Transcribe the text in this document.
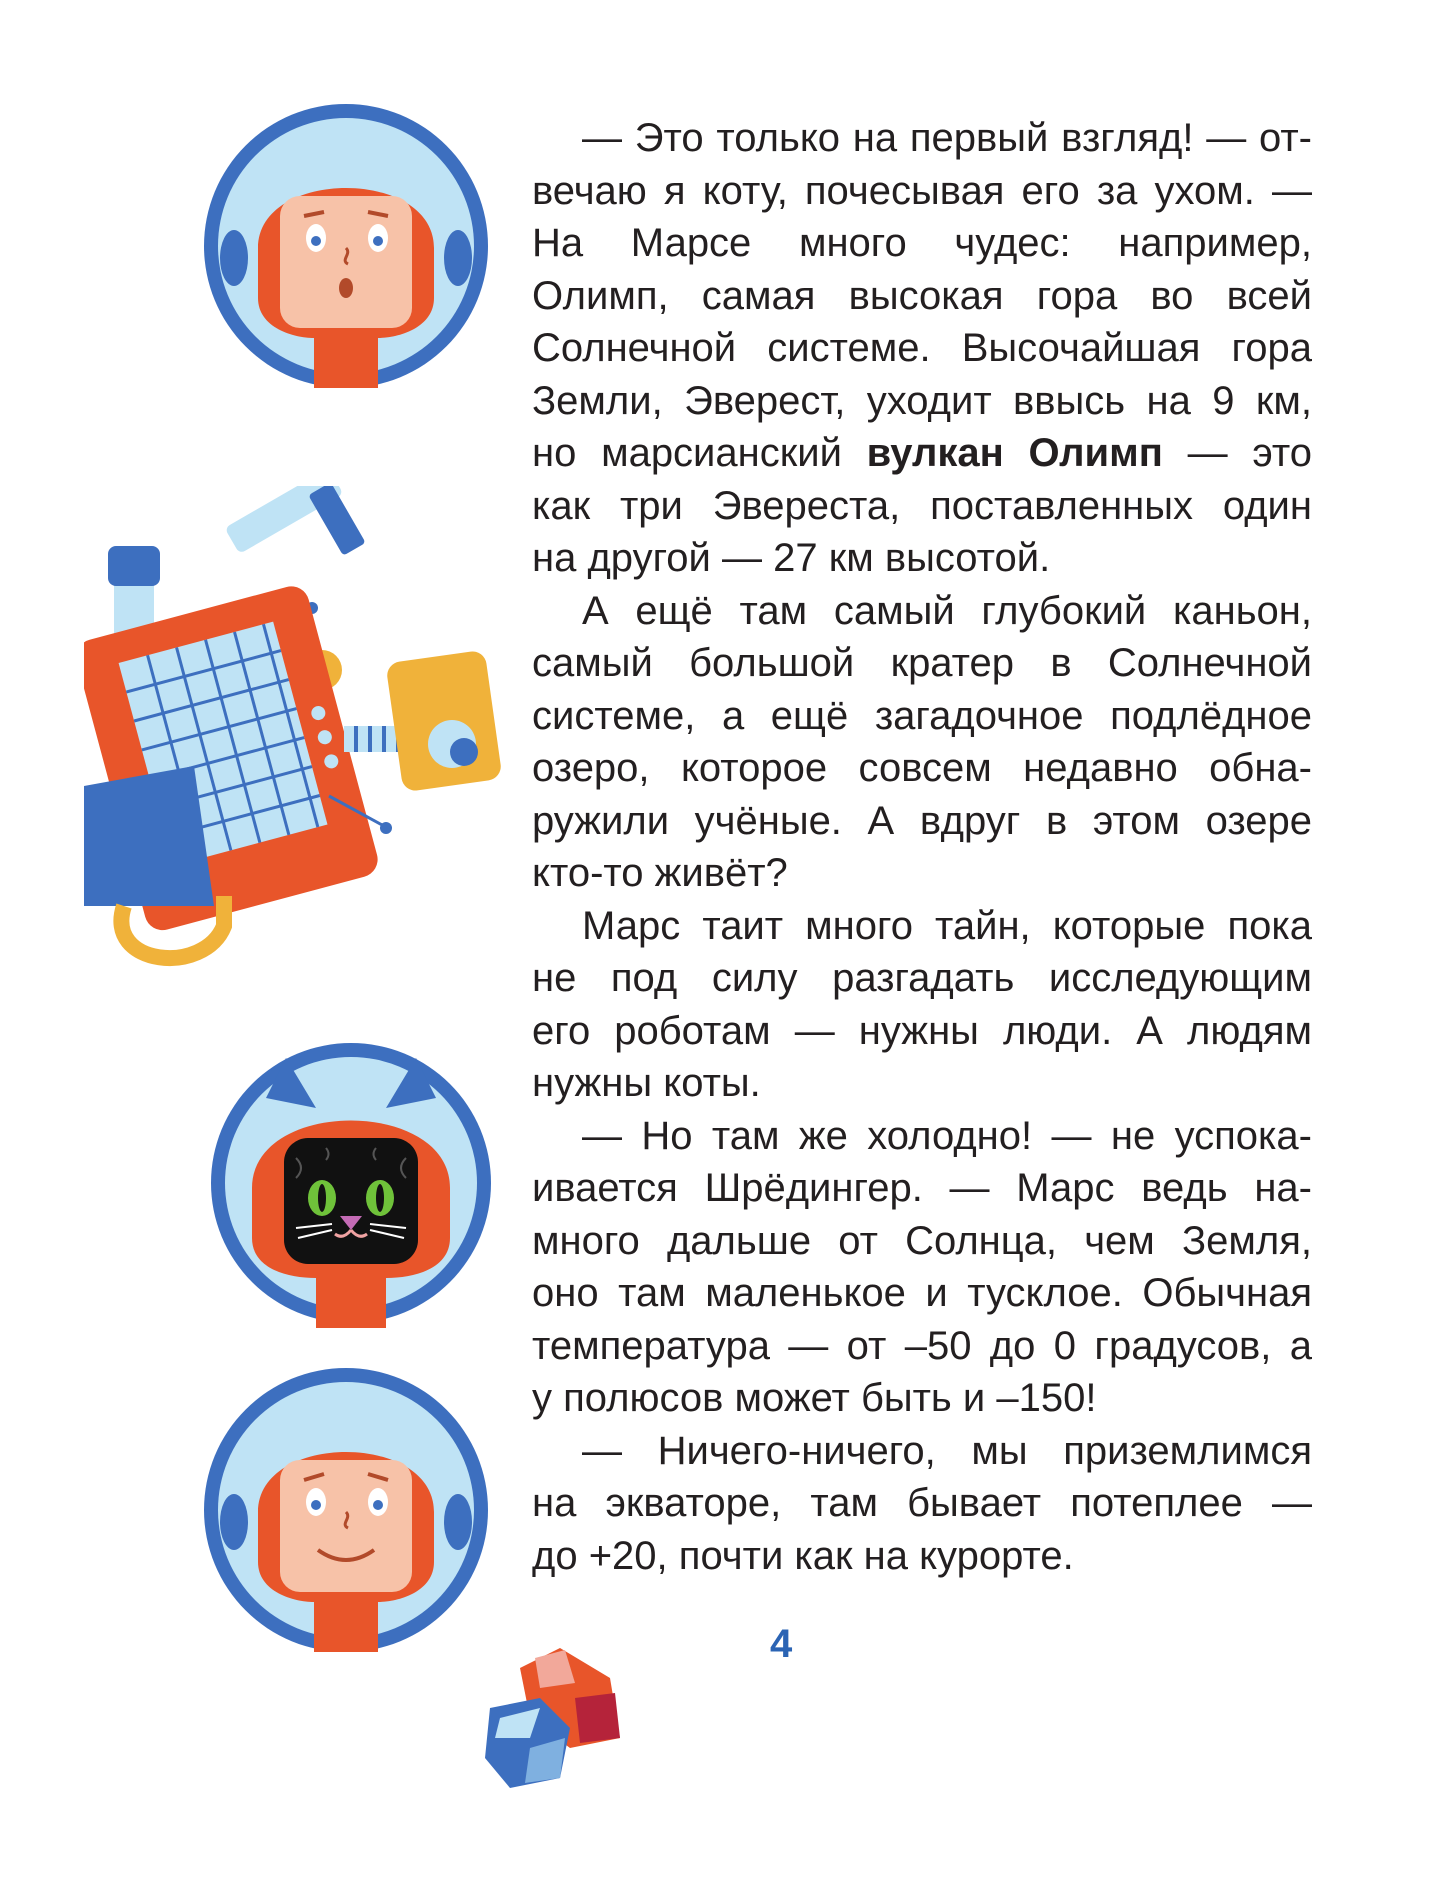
— Это только на первый взгляд! — от-
вечаю я коту, почесывая его за ухом. —
На Марсе много чудес: например,
Олимп, самая высокая гора во всей
Солнечной системе. Высочайшая гора
Земли, Эверест, уходит ввысь на 9 км,
но марсианский вулкан Олимп — это
как три Эвереста, поставленных один
на другой — 27 км высотой.
А ещё там самый глубокий каньон,
самый большой кратер в Солнечной
системе, а ещё загадочное подлёдное
озеро, которое совсем недавно обна-
ружили учёные. А вдруг в этом озере
кто-то живёт?
Марс таит много тайн, которые пока
не под силу разгадать исследующим
его роботам — нужны люди. А людям
нужны коты.
— Но там же холодно! — не успока-
ивается Шрёдингер. — Марс ведь на-
много дальше от Солнца, чем Земля,
оно там маленькое и тусклое. Обычная
температура — от –50 до 0 градусов, а
у полюсов может быть и –150!
— Ничего-ничего, мы приземлимся
на экваторе, там бывает потеплее —
до +20, почти как на курорте.
4
